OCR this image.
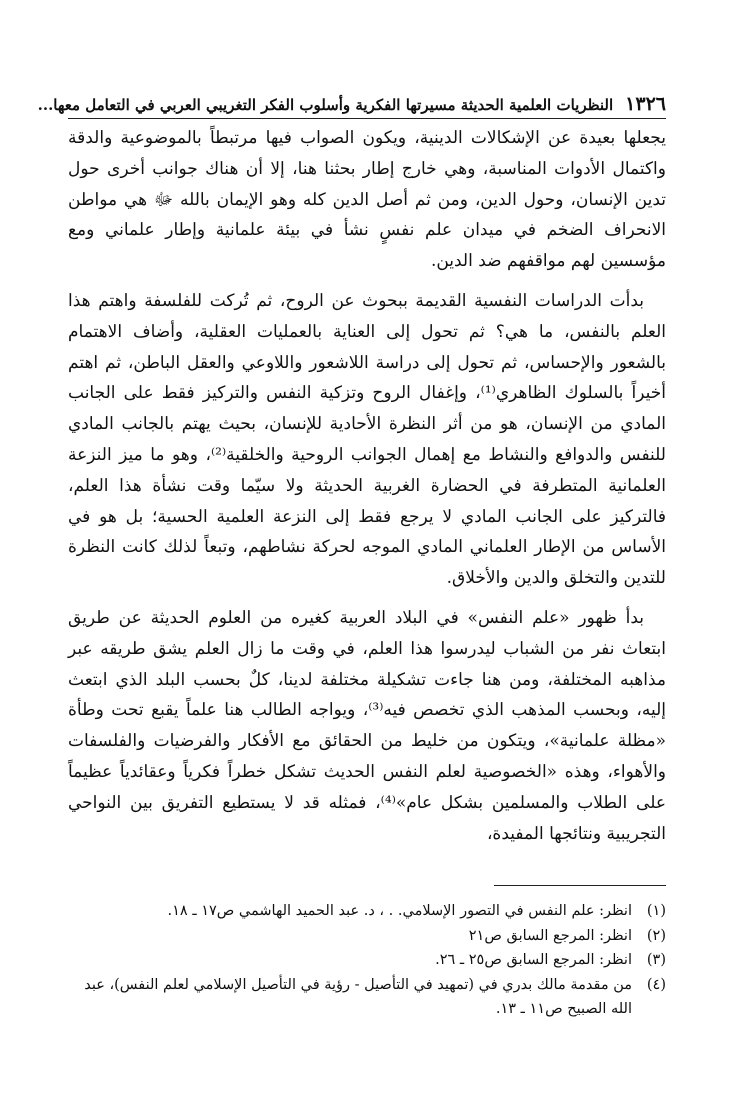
١٣٢٦
النظريات العلمية الحديثة مسيرتها الفكرية وأسلوب الفكر التغريبي العربي في التعامل معها...

يجعلها بعيدة عن الإشكالات الدينية، ويكون الصواب فيها مرتبطاً بالموضوعية والدقة واكتمال الأدوات المناسبة، وهي خارج إطار بحثنا هنا، إلا أن هناك جوانب أخرى حول تدين الإنسان، وحول الدين، ومن ثم أصل الدين كله وهو الإيمان بالله ﷻ هي مواطن الانحراف الضخم في ميدان علم نفسٍ نشأ في بيئة علمانية وإطار علماني ومع مؤسسين لهم مواقفهم ضد الدين.

بدأت الدراسات النفسية القديمة ببحوث عن الروح، ثم تُركت للفلسفة واهتم هذا العلم بالنفس، ما هي؟ ثم تحول إلى العناية بالعمليات العقلية، وأضاف الاهتمام بالشعور والإحساس، ثم تحول إلى دراسة اللاشعور واللاوعي والعقل الباطن، ثم اهتم أخيراً بالسلوك الظاهري⁽¹⁾، وإغفال الروح وتزكية النفس والتركيز فقط على الجانب المادي من الإنسان، هو من أثر النظرة الأحادية للإنسان، بحيث يهتم بالجانب المادي للنفس والدوافع والنشاط مع إهمال الجوانب الروحية والخلقية⁽²⁾، وهو ما ميز النزعة العلمانية المتطرفة في الحضارة الغربية الحديثة ولا سيّما وقت نشأة هذا العلم، فالتركيز على الجانب المادي لا يرجع فقط إلى النزعة العلمية الحسية؛ بل هو في الأساس من الإطار العلماني المادي الموجه لحركة نشاطهم، وتبعاً لذلك كانت النظرة للتدين والتخلق والدين والأخلاق.

بدأ ظهور «علم النفس» في البلاد العربية كغيره من العلوم الحديثة عن طريق ابتعاث نفر من الشباب ليدرسوا هذا العلم، في وقت ما زال العلم يشق طريقه عبر مذاهبه المختلفة، ومن هنا جاءت تشكيلة مختلفة لدينا، كلٌ بحسب البلد الذي ابتعث إليه، وبحسب المذهب الذي تخصص فيه⁽³⁾، ويواجه الطالب هنا علماً يقبع تحت وطأة «مظلة علمانية»، ويتكون من خليط من الحقائق مع الأفكار والفرضيات والفلسفات والأهواء، وهذه «الخصوصية لعلم النفس الحديث تشكل خطراً فكرياً وعقائدياً عظيماً على الطلاب والمسلمين بشكل عام»⁽⁴⁾، فمثله قد لا يستطيع التفريق بين النواحي التجريبية ونتائجها المفيدة،

(١)
انظر: علم النفس في التصور الإسلامي. . ، د. عبد الحميد الهاشمي ص١٧ ـ ١٨.
(٢)
انظر: المرجع السابق ص٢١
(٣)
انظر: المرجع السابق ص٢٥ ـ ٢٦.
(٤)
من مقدمة مالك بدري في (تمهيد في التأصيل - رؤية في التأصيل الإسلامي لعلم النفس)، عبد الله الصبيح ص١١ ـ ١٣.
